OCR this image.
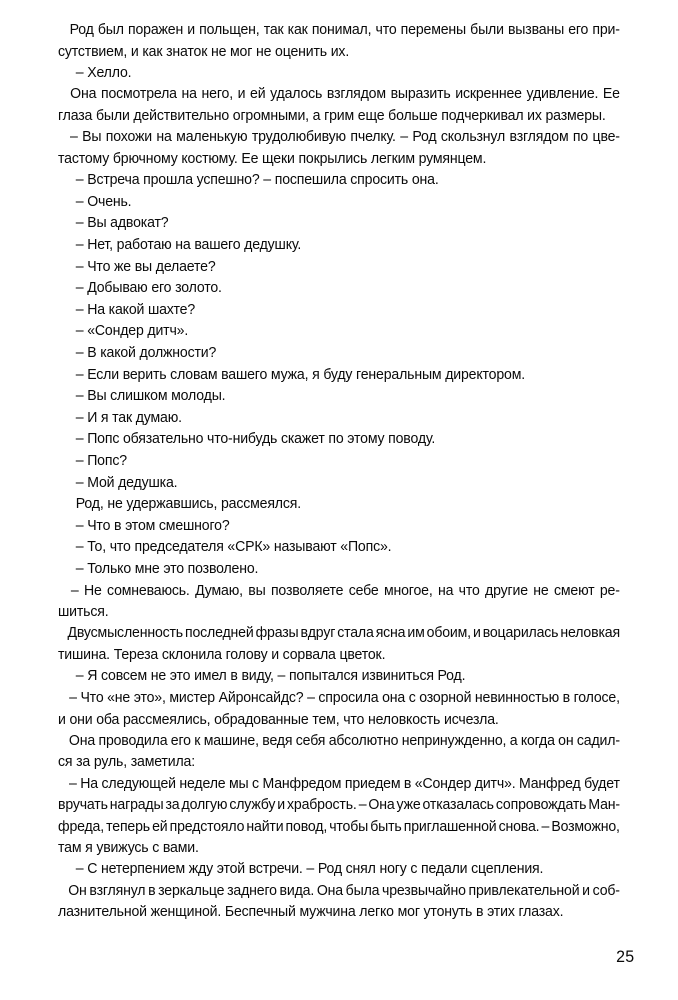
Род был поражен и польщен, так как понимал, что перемены были вызваны его при-
сутствием, и как знаток не мог не оценить их.
– Хелло.

Она посмотрела на него, и ей удалось взглядом выразить искреннее удивление. Ее
глаза были действительно огромными, а грим еще больше подчеркивал их размеры.

– Вы похожи на маленькую трудолюбивую пчелку. – Род скользнул взглядом по цве-
тастому брючному костюму. Ее щеки покрылись легким румянцем.
– Встреча прошла успешно? – поспешила спросить она.
– Очень.
– Вы адвокат?
– Нет, работаю на вашего дедушку.
– Что же вы делаете?
– Добываю его золото.
– На какой шахте?
– «Сондер дитч».
– В какой должности?
– Если верить словам вашего мужа, я буду генеральным директором.
– Вы слишком молоды.
– И я так думаю.
– Попс обязательно что-нибудь скажет по этому поводу.
– Попс?
– Мой дедушка.
Род, не удержавшись, рассмеялся.
– Что в этом смешного?
– То, что председателя «СРК» называют «Попс».
– Только мне это позволено.

– Не сомневаюсь. Думаю, вы позволяете себе многое, на что другие не смеют ре-
шиться.

Двусмысленность последней фразы вдруг стала ясна им обоим, и воцарилась неловкая
тишина. Тереза склонила голову и сорвала цветок.
– Я совсем не это имел в виду, – попытался извиниться Род.

– Что «не это», мистер Айронсайдс? – спросила она с озорной невинностью в голосе,
и они оба рассмеялись, обрадованные тем, что неловкость исчезла.

Она проводила его к машине, ведя себя абсолютно непринужденно, а когда он садил-
ся за руль, заметила:

– На следующей неделе мы с Манфредом приедем в «Сондер дитч». Манфред будет
вручать награды за долгую службу и храбрость. – Она уже отказалась сопровождать Ман-
фреда, теперь ей предстояло найти повод, чтобы быть приглашенной снова. – Возможно,
там я увижусь с вами.
– С нетерпением жду этой встречи. – Род снял ногу с педали сцепления.

Он взглянул в зеркальце заднего вида. Она была чрезвычайно привлекательной и соб-
лазнительной женщиной. Беспечный мужчина легко мог утонуть в этих глазах.
25
